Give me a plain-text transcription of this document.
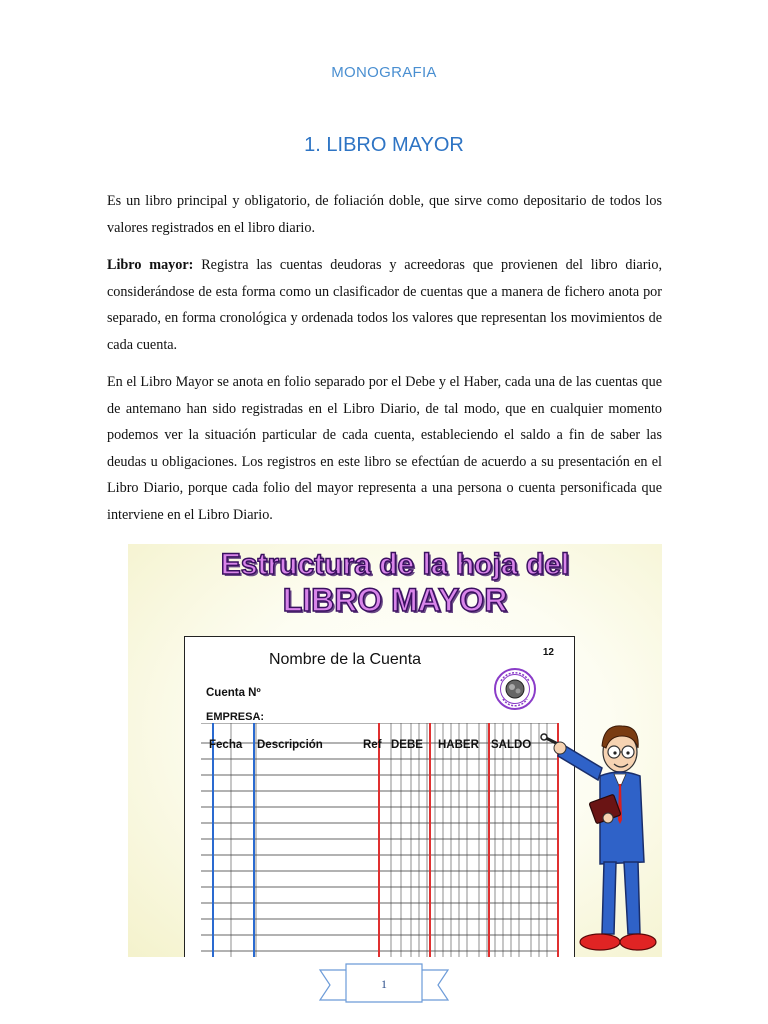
MONOGRAFIA
1. LIBRO MAYOR

Es un libro principal y obligatorio, de foliación doble, que sirve como depositario de todos los valores registrados en el libro diario.

Libro mayor: Registra las cuentas deudoras y acreedoras que provienen del libro diario, considerándose de esta forma como un clasificador de cuentas que a manera de fichero anota por separado, en forma cronológica y ordenada todos los valores que representan los movimientos de cada cuenta.

En el Libro Mayor se anota en folio separado por el Debe y el Haber, cada una de las cuentas que de antemano han sido registradas en el Libro Diario, de tal modo, que en cualquier momento podemos ver la situación particular de cada cuenta, estableciendo el saldo a fin de saber las deudas u obligaciones. Los registros en este libro se efectúan de acuerdo a su presentación en el Libro Diario, porque cada folio del mayor representa a una persona o cuenta personificada que interviene en el Libro Diario.

Estructura de la hoja del
LIBRO MAYOR
Nombre de la Cuenta	12
Cuenta Nº
EMPRESA:
Fecha Descripción	Ref DEBE HABER SALDO
1
